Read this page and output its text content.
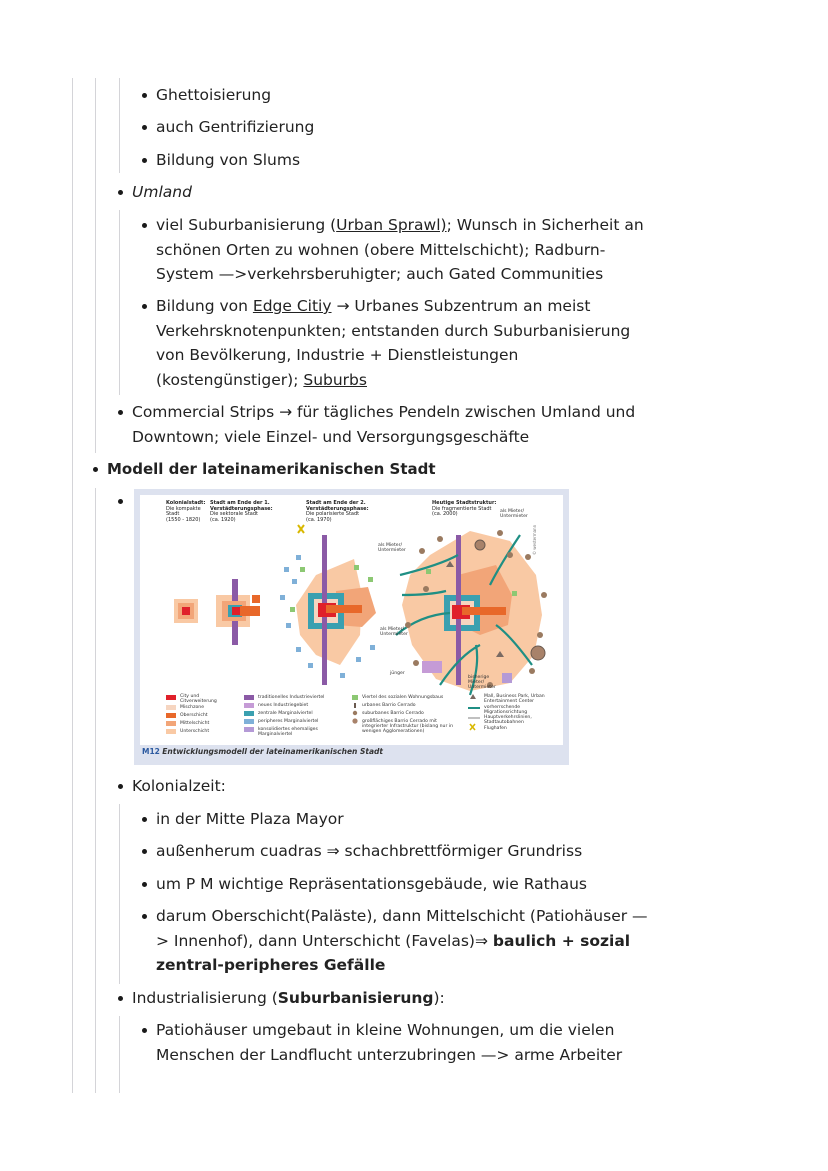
Ghettoisierung
auch Gentrifizierung
Bildung von Slums
Umland
viel Suburbanisierung (Urban Sprawl); Wunsch in Sicherheit an
schönen Orten zu wohnen (obere Mittelschicht); Radburn-
System —>verkehrsberuhigter; auch Gated Communities
Bildung von Edge Citiy → Urbanes Subzentrum an meist
Verkehrsknotenpunkten; entstanden durch Suburbanisierung
von Bevölkerung, Industrie + Dienstleistungen
(kostengünstiger); Suburbs
Commercial Strips → für tägliches Pendeln zwischen Umland und
Downtown; viele Einzel- und Versorgungsgeschäfte
Modell der lateinamerikanischen Stadt
Kolonialstadt:
Die kompakte Stadt
(1550 - 1820)
Stadt am Ende der 1. Verstädterungsphase:
Die sektorale Stadt
(ca. 1920)
Stadt am Ende der 2. Verstädterungsphase:
Die polarisierte Stadt
(ca. 1970)
Heutige Stadtstruktur:
Die fragmentierte Stadt
(ca. 2000)
als Mieter/ Untermieter
als Mieter/ Untermieter
als Mieter/ Untermieter
jünger
bisherige Mieter/ Untermieter
© westermann
City und Citverweiterung
Mischzone
Oberschicht
Mittelschicht
Unterschicht
traditionelles Industrieviertel
neues Industriegebiet
zentrale Marginalviertel
peripheres Marginalviertel
konsolidiertes ehemaliges Marginalviertel
Viertel des sozialen Wohnungsbaus
urbanes Barrio Cerrado
suburbanes Barrio Cerrado
großflächiges Barrio Cerrado mit integrierter Infrastruktur (bislang nur in wenigen Agglomerationen)
Mall, Business Park, Urban Entertainment Center
vorherrschende Migrationsrichtung
Hauptverkehrslinien, Stadtautobahnen
Flughafen
M12 Entwicklungsmodell der lateinamerikanischen Stadt
Kolonialzeit:
in der Mitte Plaza Mayor
außenherum cuadras ⇒ schachbrettförmiger Grundriss
um P M wichtige Repräsentationsgebäude, wie Rathaus
darum Oberschicht(Paläste), dann Mittelschicht (Patiohäuser —
> Innenhof), dann Unterschicht (Favelas)⇒ baulich + sozial
zentral-peripheres Gefälle
Industrialisierung (Suburbanisierung):
Patiohäuser umgebaut in kleine Wohnungen, um die vielen
Menschen der Landflucht unterzubringen —> arme Arbeiter
